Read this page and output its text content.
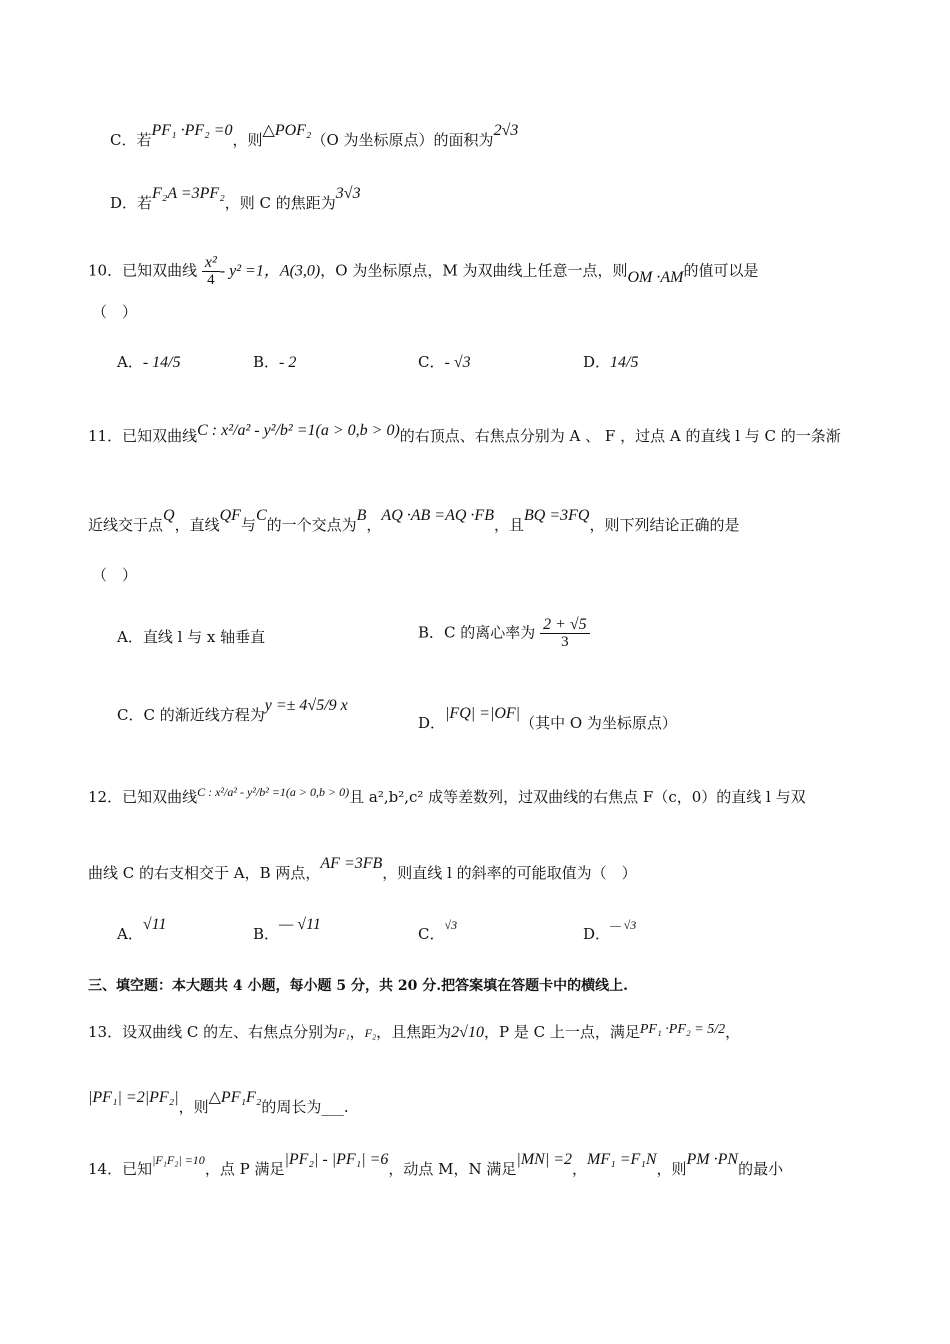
C．若PF₁ ·PF₂ =0，则△POF₂（O 为坐标原点）的面积为2√3
D．若F₂A =3PF₂，则 C 的焦距为3√3
10．已知双曲线 $\frac{\text{x²}}{4} - y^2 =1$，A(3,0)，O 为坐标原点，M 为双曲线上任意一点，则OM ·AM的值可以是
（　）
A．- 14/5	B．- 2	C．- √3	D．14/5
11．已知双曲线C : x²/a² - y²/b² =1(a > 0,b > 0)的右顶点、右焦点分别为 A 、 F ，过点 A 的直线 l 与 C 的一条渐
近线交于点Q，直线QF与C的一个交点为B，AQ ·AB =AQ ·FB，且BQ =3FQ，则下列结论正确的是
（　）
A．直线 l 与 x 轴垂直	B．C 的离心率为 $\frac{2 + √5}{3}$
C．C 的渐近线方程为y =± 4√5/9 x
D．|FQ| =|OF|（其中 O 为坐标原点）
12．已知双曲线C : x²/a² - y²/b² =1(a > 0,b > 0)且 a²,b²,c² 成等差数列，过双曲线的右焦点 F（c，0）的直线 l 与双
曲线 C 的右支相交于 A，B 两点，AF =3FB，则直线 l 的斜率的可能取值为（　）
A．√11
B．— √11
C．√3	D．— √3
三、填空题：本大题共 4 小题，每小题 5 分，共 20 分.把答案填在答题卡中的横线上.
13．设双曲线 C 的左、右焦点分别为F₁，F₂，且焦距为2√10，P 是 C 上一点，满足PF₁ ·PF₂ = 5/2，
|PF₁| =2|PF₂|，则△PF₁F₂的周长为___.
14．已知|F₁F₂| =10，点 P 满足|PF₂| - |PF₁| =6，动点 M，N 满足|MN| =2，MF₁ =F₁N，则PM ·PN的最小
